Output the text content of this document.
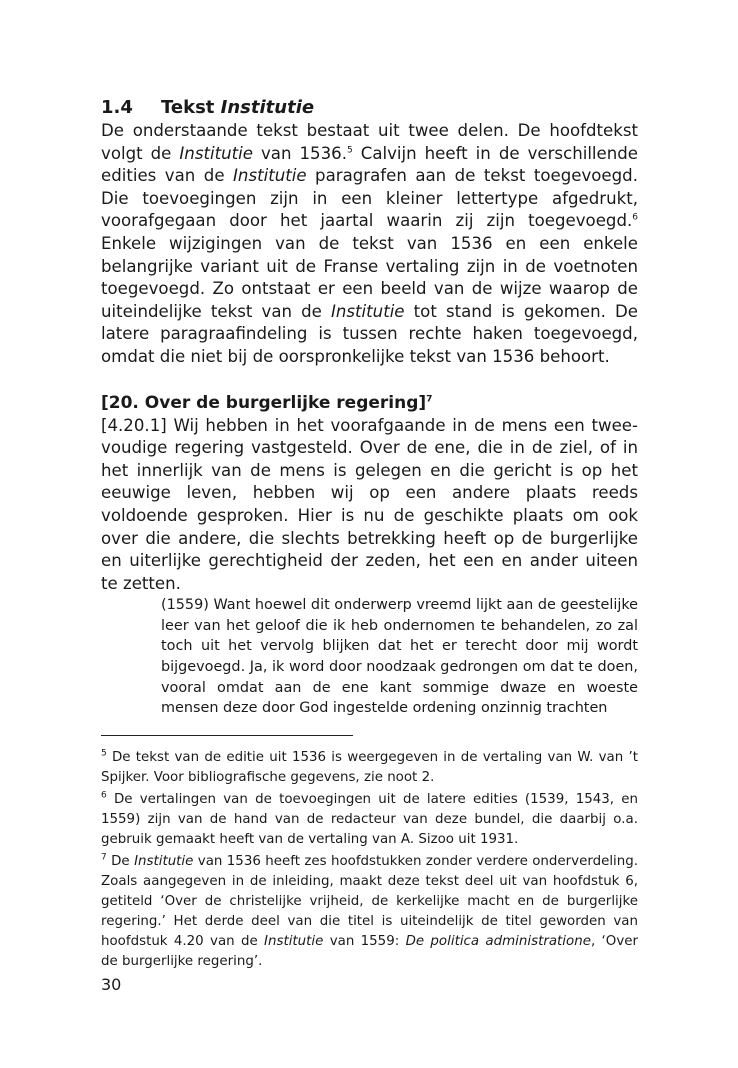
1.4 Tekst Institutie

De onderstaande tekst bestaat uit twee delen. De hoofdtekst volgt de Institutie van 1536.$^5$ Calvijn heeft in de verschillende edities van de Institutie paragrafen aan de tekst toegevoegd. Die toevoegingen zijn in een kleiner lettertype afgedrukt, voorafgegaan door het jaartal waarin zij zijn toegevoegd.$^6$ Enkele wijzigingen van de tekst van 1536 en een enkele belangrijke variant uit de Franse vertaling zijn in de voetnoten toegevoegd. Zo ontstaat er een beeld van de wijze waarop de uiteindelijke tekst van de Institutie tot stand is gekomen. De latere paragraafindeling is tussen rechte haken toegevoegd, omdat die niet bij de oorspronkelijke tekst van 1536 behoort.

[20. Over de burgerlijke regering]$^7$

[4.20.1] Wij hebben in het voorafgaande in de mens een tweevoudige regering vastgesteld. Over de ene, die in de ziel, of in het innerlijk van de mens is gelegen en die gericht is op het eeuwige leven, hebben wij op een andere plaats reeds voldoende gesproken. Hier is nu de geschikte plaats om ook over die andere, die slechts betrekking heeft op de burgerlijke en uiterlijke gerechtigheid der zeden, het een en ander uiteen te zetten.

(1559) Want hoewel dit onderwerp vreemd lijkt aan de geestelijke leer van het geloof die ik heb ondernomen te behandelen, zo zal toch uit het vervolg blijken dat het er terecht door mij wordt bijgevoegd. Ja, ik word door noodzaak gedrongen om dat te doen, vooral omdat aan de ene kant sommige dwaze en woeste mensen deze door God ingestelde ordening onzinnig trachten

$^5$ De tekst van de editie uit 1536 is weergegeven in de vertaling van W. van ’t Spijker. Voor bibliografische gegevens, zie noot 2.

$^6$ De vertalingen van de toevoegingen uit de latere edities (1539, 1543, en 1559) zijn van de hand van de redacteur van deze bundel, die daarbij o.a. gebruik gemaakt heeft van de vertaling van A. Sizoo uit 1931.

$^7$ De Institutie van 1536 heeft zes hoofdstukken zonder verdere onderverdeling. Zoals aangegeven in de inleiding, maakt deze tekst deel uit van hoofdstuk 6, getiteld ‘Over de christelijke vrijheid, de kerkelijke macht en de burgerlijke regering.’ Het derde deel van die titel is uiteindelijk de titel geworden van hoofdstuk 4.20 van de Institutie van 1559: De politica administratione, ‘Over de burgerlijke regering’.

30
